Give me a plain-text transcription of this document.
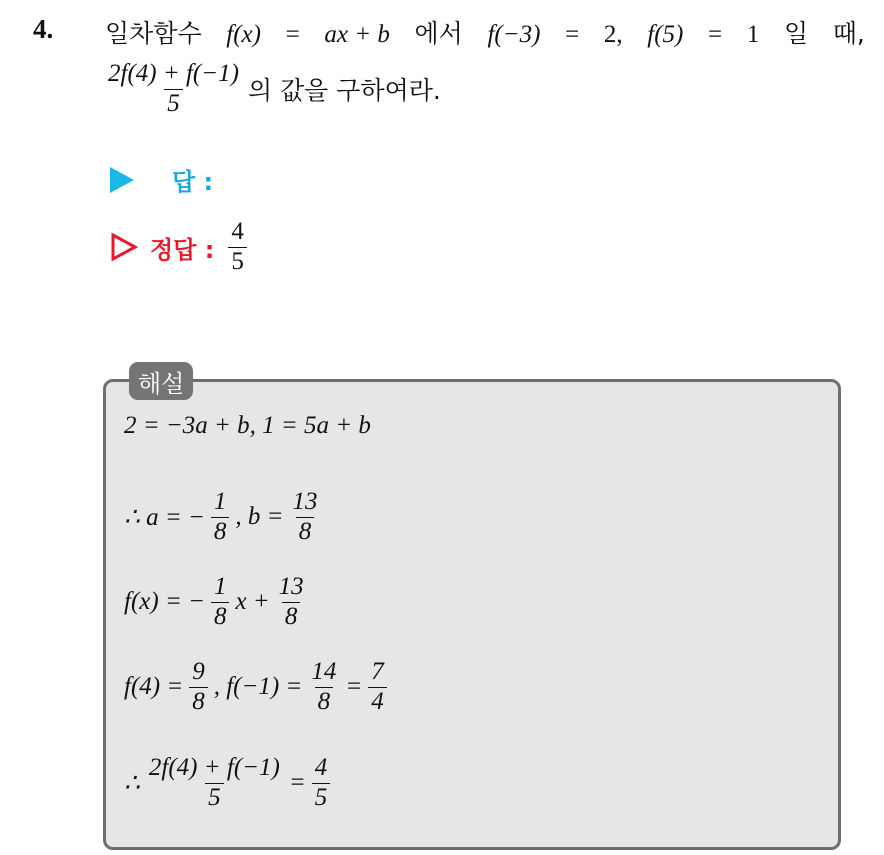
4. 일차함수 f(x) = ax + b 에서 f(−3) = 2, f(5) = 1 일 때,
$\frac{2f(4) + f(-1)}{5}$ 의 값을 구하여라.
답 :
정답 : $\frac{4}{5}$
해설
2 = −3a + b, 1 = 5a + b
∴ a = − $\frac{1}{8}$ , $b = \frac{13}{8}$
f(x) = − $\frac{1}{8}$ $x + \frac{13}{8}$
$f(4) = \frac{9}{8}$ , $f(-1) = \frac{14}{8} = \frac{7}{4}$
∴ $\frac{2f(4) + f(-1)}{5} = \frac{4}{5}$
